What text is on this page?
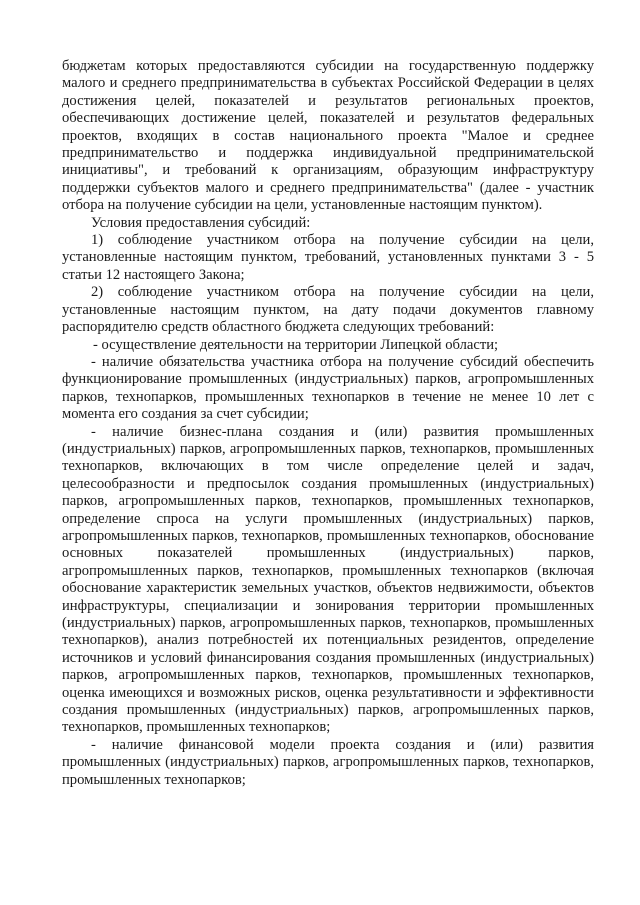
бюджетам которых предоставляются субсидии на государственную поддержку малого и среднего предпринимательства в субъектах Российской Федерации в целях достижения целей, показателей и результатов региональных проектов, обеспечивающих достижение целей, показателей и результатов федеральных проектов, входящих в состав национального проекта "Малое и среднее предпринимательство и поддержка индивидуальной предпринимательской инициативы", и требований к организациям, образующим инфраструктуру поддержки субъектов малого и среднего предпринимательства" (далее - участник отбора на получение субсидии на цели, установленные настоящим пунктом).

Условия предоставления субсидий:

1) соблюдение участником отбора на получение субсидии на цели, установленные настоящим пунктом, требований, установленных пунктами 3 - 5 статьи 12 настоящего Закона;

2) соблюдение участником отбора на получение субсидии на цели, установленные настоящим пунктом, на дату подачи документов главному распорядителю средств областного бюджета следующих требований:

- осуществление деятельности на территории Липецкой области;

- наличие обязательства участника отбора на получение субсидий обеспечить функционирование промышленных (индустриальных) парков, агропромышленных парков, технопарков, промышленных технопарков в течение не менее 10 лет с момента его создания за счет субсидии;

- наличие бизнес-плана создания и (или) развития промышленных (индустриальных) парков, агропромышленных парков, технопарков, промышленных технопарков, включающих в том числе определение целей и задач, целесообразности и предпосылок создания промышленных (индустриальных) парков, агропромышленных парков, технопарков, промышленных технопарков, определение спроса на услуги промышленных (индустриальных) парков, агропромышленных парков, технопарков, промышленных технопарков, обоснование основных показателей промышленных (индустриальных) парков, агропромышленных парков, технопарков, промышленных технопарков (включая обоснование характеристик земельных участков, объектов недвижимости, объектов инфраструктуры, специализации и зонирования территории промышленных (индустриальных) парков, агропромышленных парков, технопарков, промышленных технопарков), анализ потребностей их потенциальных резидентов, определение источников и условий финансирования создания промышленных (индустриальных) парков, агропромышленных парков, технопарков, промышленных технопарков, оценка имеющихся и возможных рисков, оценка результативности и эффективности создания промышленных (индустриальных) парков, агропромышленных парков, технопарков, промышленных технопарков;

- наличие финансовой модели проекта создания и (или) развития промышленных (индустриальных) парков, агропромышленных парков, технопарков, промышленных технопарков;
